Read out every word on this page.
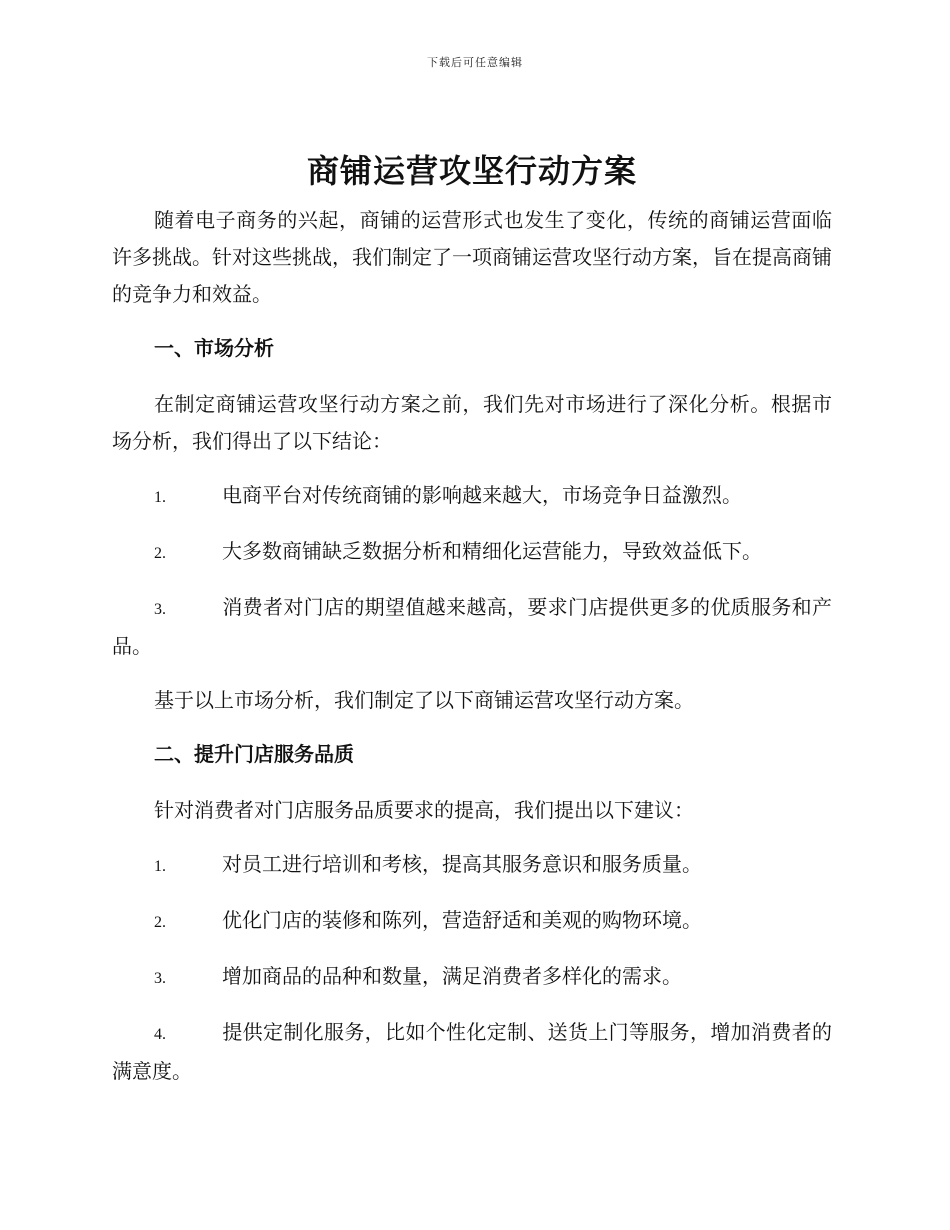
下载后可任意编辑
商铺运营攻坚行动方案

随着电子商务的兴起，商铺的运营形式也发生了变化，传统的商铺运营面临许多挑战。针对这些挑战，我们制定了一项商铺运营攻坚行动方案，旨在提高商铺的竞争力和效益。

一、市场分析

在制定商铺运营攻坚行动方案之前，我们先对市场进行了深化分析。根据市场分析，我们得出了以下结论：

1.	电商平台对传统商铺的影响越来越大，市场竞争日益激烈。

2.	大多数商铺缺乏数据分析和精细化运营能力，导致效益低下。

3.	消费者对门店的期望值越来越高，要求门店提供更多的优质服务和产品。

基于以上市场分析，我们制定了以下商铺运营攻坚行动方案。

二、提升门店服务品质

针对消费者对门店服务品质要求的提高，我们提出以下建议：

1.	对员工进行培训和考核，提高其服务意识和服务质量。

2.	优化门店的装修和陈列，营造舒适和美观的购物环境。

3.	增加商品的品种和数量，满足消费者多样化的需求。

4.	提供定制化服务，比如个性化定制、送货上门等服务，增加消费者的满意度。
